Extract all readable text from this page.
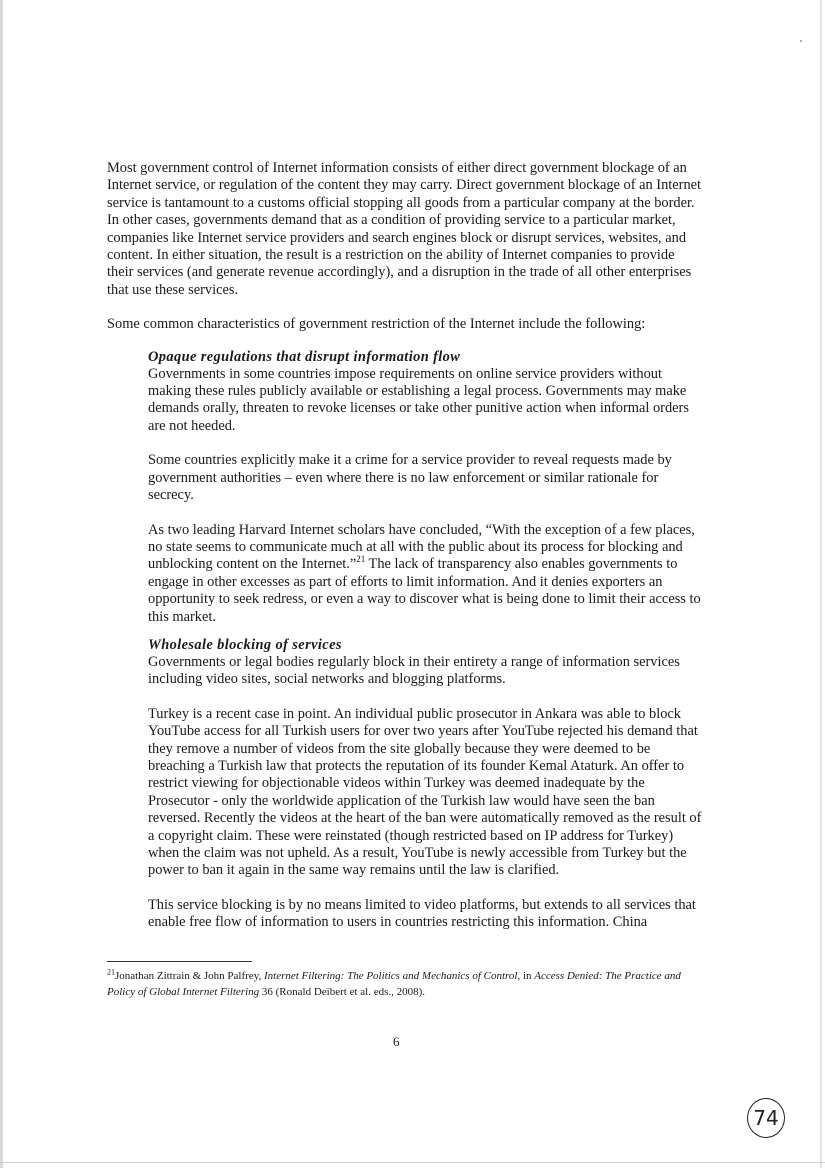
Most government control of Internet information consists of either direct government blockage of an Internet service, or regulation of the content they may carry. Direct government blockage of an Internet service is tantamount to a customs official stopping all goods from a particular company at the border. In other cases, governments demand that as a condition of providing service to a particular market, companies like Internet service providers and search engines block or disrupt services, websites, and content. In either situation, the result is a restriction on the ability of Internet companies to provide their services (and generate revenue accordingly), and a disruption in the trade of all other enterprises that use these services.

Some common characteristics of government restriction of the Internet include the following:

Opaque regulations that disrupt information flow

Governments in some countries impose requirements on online service providers without making these rules publicly available or establishing a legal process. Governments may make demands orally, threaten to revoke licenses or take other punitive action when informal orders are not heeded.

Some countries explicitly make it a crime for a service provider to reveal requests made by government authorities – even where there is no law enforcement or similar rationale for secrecy.

As two leading Harvard Internet scholars have concluded, “With the exception of a few places, no state seems to communicate much at all with the public about its process for blocking and unblocking content on the Internet.”$^{21}$ The lack of transparency also enables governments to engage in other excesses as part of efforts to limit information. And it denies exporters an opportunity to seek redress, or even a way to discover what is being done to limit their access to this market.

Wholesale blocking of services

Governments or legal bodies regularly block in their entirety a range of information services including video sites, social networks and blogging platforms.

Turkey is a recent case in point. An individual public prosecutor in Ankara was able to block YouTube access for all Turkish users for over two years after YouTube rejected his demand that they remove a number of videos from the site globally because they were deemed to be breaching a Turkish law that protects the reputation of its founder Kemal Ataturk. An offer to restrict viewing for objectionable videos within Turkey was deemed inadequate by the Prosecutor - only the worldwide application of the Turkish law would have seen the ban reversed. Recently the videos at the heart of the ban were automatically removed as the result of a copyright claim. These were reinstated (though restricted based on IP address for Turkey) when the claim was not upheld. As a result, YouTube is newly accessible from Turkey but the power to ban it again in the same way remains until the law is clarified.

This service blocking is by no means limited to video platforms, but extends to all services that enable free flow of information to users in countries restricting this information. China

$^{21}$Jonathan Zittrain & John Palfrey, Internet Filtering: The Politics and Mechanics of Control, in Access Denied: The Practice and Policy of Global Internet Filtering 36 (Ronald Deibert et al. eds., 2008).
6
74
